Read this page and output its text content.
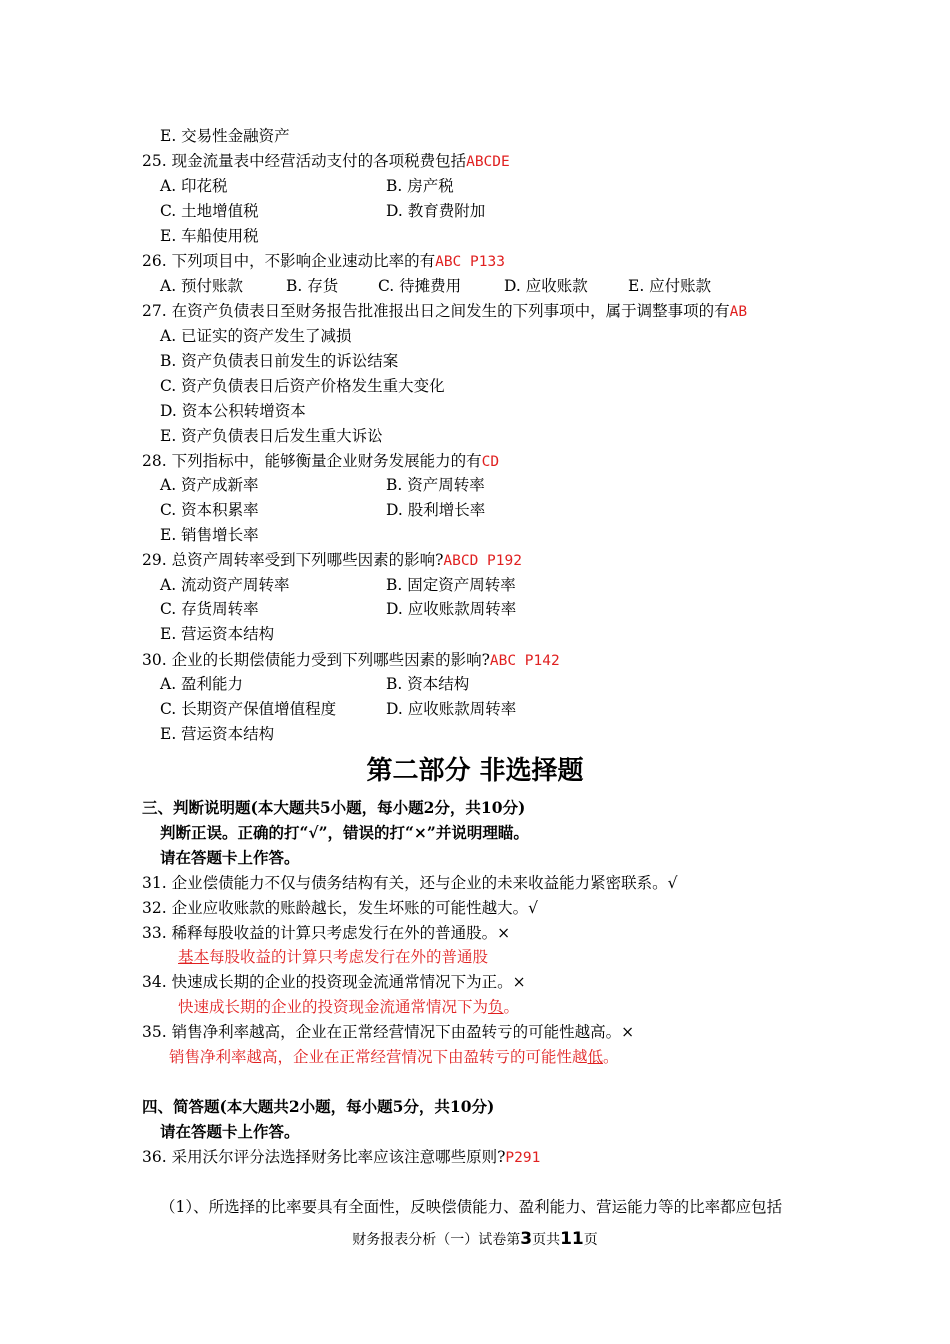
E. 交易性金融资产
25. 现金流量表中经营活动支付的各项税费包括ABCDE
A. 印花税	B. 房产税
C. 土地增值税	D. 教育费附加
E. 车船使用税
26. 下列项目中，不影响企业速动比率的有ABC P133
A. 预付账款	B. 存货	C. 待摊费用	D. 应收账款	E. 应付账款
27. 在资产负债表日至财务报告批准报出日之间发生的下列事项中，属于调整事项的有AB
A. 已证实的资产发生了减损
B. 资产负债表日前发生的诉讼结案
C. 资产负债表日后资产价格发生重大变化
D. 资本公积转增资本
E. 资产负债表日后发生重大诉讼
28. 下列指标中，能够衡量企业财务发展能力的有CD
A. 资产成新率	B. 资产周转率
C. 资本积累率	D. 股利增长率
E. 销售增长率
29. 总资产周转率受到下列哪些因素的影响?ABCD P192
A. 流动资产周转率	B. 固定资产周转率
C. 存货周转率	D. 应收账款周转率
E. 营运资本结构
30. 企业的长期偿债能力受到下列哪些因素的影响?ABC P142
A. 盈利能力	B. 资本结构
C. 长期资产保值增值程度	D. 应收账款周转率
E. 营运资本结构
第二部分 非选择题
三、判断说明题(本大题共5小题，每小题2分，共10分)
判断正误。正确的打“√”，错误的打“×”并说明理瞄。
请在答题卡上作答。
31. 企业偿债能力不仅与债务结构有关，还与企业的未来收益能力紧密联系。√
32. 企业应收账款的账龄越长，发生坏账的可能性越大。√
33. 稀释每股收益的计算只考虑发行在外的普通股。×
基本每股收益的计算只考虑发行在外的普通股
34. 快速成长期的企业的投资现金流通常情况下为正。×
快速成长期的企业的投资现金流通常情况下为负。
35. 销售净利率越高，企业在正常经营情况下由盈转亏的可能性越高。×
销售净利率越高，企业在正常经营情况下由盈转亏的可能性越低。
四、简答题(本大题共2小题，每小题5分，共10分)
请在答题卡上作答。
36. 采用沃尔评分法选择财务比率应该注意哪些原则?P291
（1）、所选择的比率要具有全面性，反映偿债能力、盈利能力、营运能力等的比率都应包括
财务报表分析（一）试卷第3页共11页
